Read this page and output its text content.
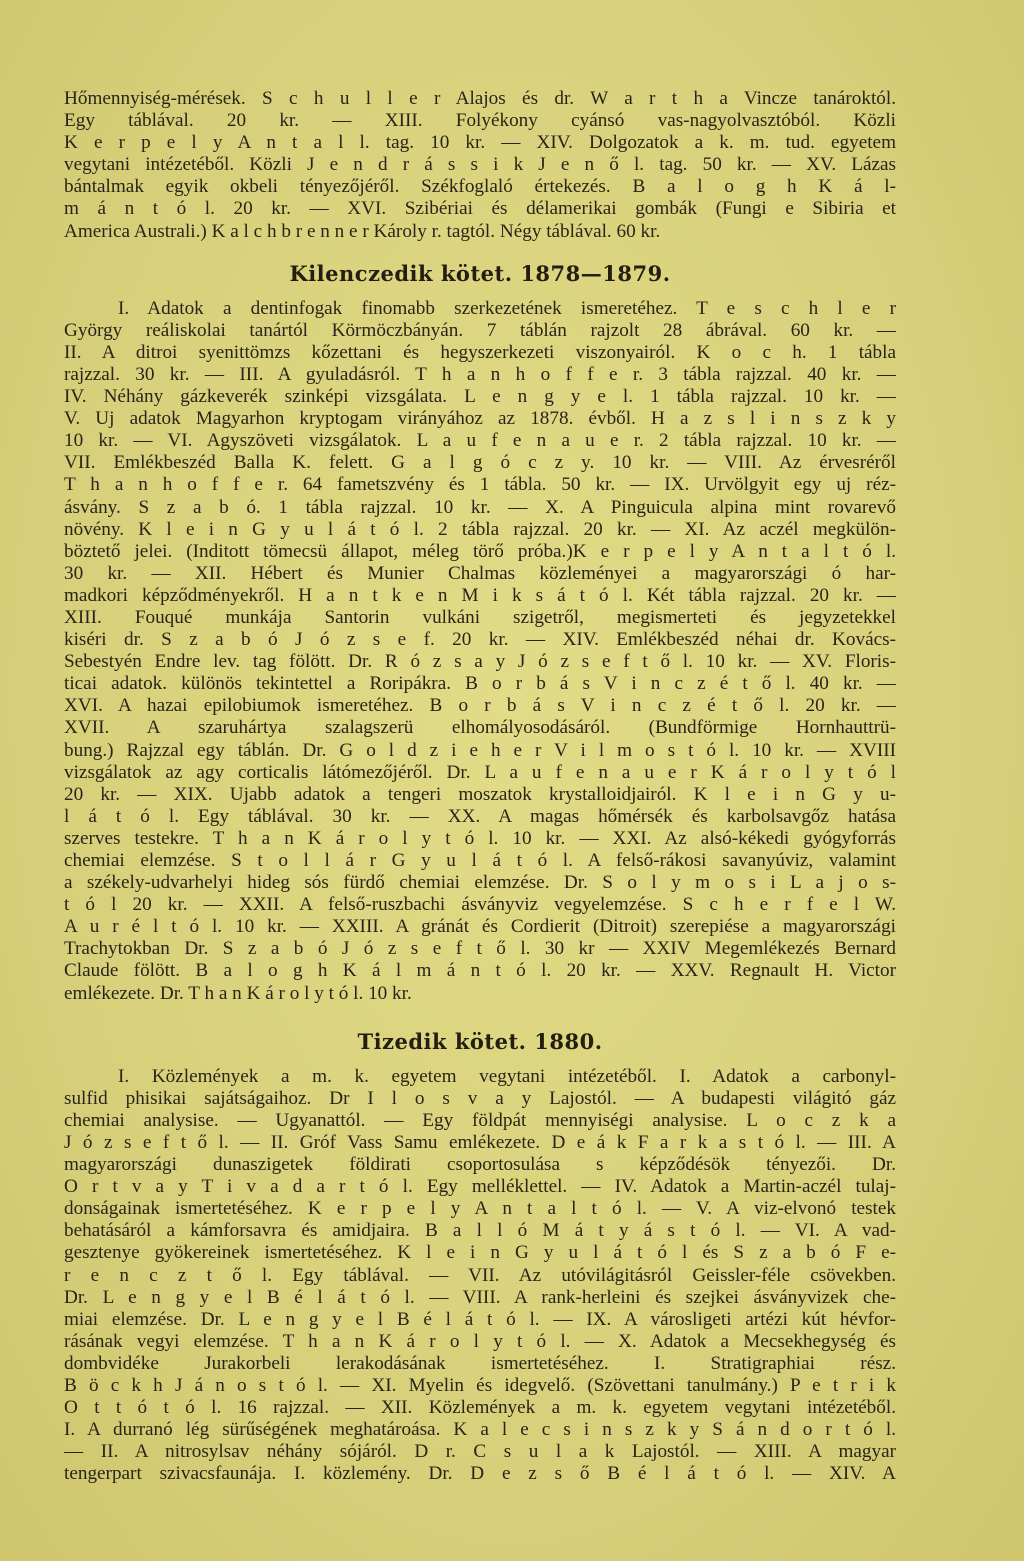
Hőmennyiség-mérések. S c h u l l e r Alajos és dr. W a r t h a Vincze tanároktól.
Egy táblával. 20 kr. — XIII. Folyékony cyánsó vas-nagyolvasztóból. Közli
K e r p e l y A n t a l l. tag. 10 kr. — XIV. Dolgozatok a k. m. tud. egyetem
vegytani intézetéből. Közli J e n d r á s s i k J e n ő l. tag. 50 kr. — XV. Lázas
bántalmak egyik okbeli tényezőjéről. Székfoglaló értekezés. B a l o g h K á l-
m á n t ó l. 20 kr. — XVI. Szibériai és délamerikai gombák (Fungi e Sibiria et
America Australi.) K a l c h b r e n n e r Károly r. tagtól. Négy táblával. 60 kr.
Kilenczedik kötet. 1878—1879.
I. Adatok a dentinfogak finomabb szerkezetének ismeretéhez. T e s c h l e r
György reáliskolai tanártól Körmöczbányán. 7 táblán rajzolt 28 ábrával. 60 kr. —
II. A ditroi syenittömzs kőzettani és hegyszerkezeti viszonyairól. K o c h. 1 tábla
rajzzal. 30 kr. — III. A gyuladásról. T h a n h o f f e r. 3 tábla rajzzal. 40 kr. —
IV. Néhány gázkeverék szinképi vizsgálata. L e n g y e l. 1 tábla rajzzal. 10 kr. —
V. Uj adatok Magyarhon kryptogam virányához az 1878. évből. H a z s l i n s z k y
10 kr. — VI. Agyszöveti vizsgálatok. L a u f e n a u e r. 2 tábla rajzzal. 10 kr. —
VII. Emlékbeszéd Balla K. felett. G a l g ó c z y. 10 kr. — VIII. Az érvesréről
T h a n h o f f e r. 64 fametszvény és 1 tábla. 50 kr. — IX. Urvölgyit egy uj réz-
ásvány. S z a b ó. 1 tábla rajzzal. 10 kr. — X. A Pinguicula alpina mint rovarevő
növény. K l e i n G y u l á t ó l. 2 tábla rajzzal. 20 kr. — XI. Az aczél megkülön-
böztető jelei. (Inditott tömecsü állapot, méleg törő próba.)K e r p e l y A n t a l t ó l.
30 kr. — XII. Hébert és Munier Chalmas közleményei a magyarországi ó har-
madkori képződményekről. H a n t k e n M i k s á t ó l. Két tábla rajzzal. 20 kr. —
XIII. Fouqué munkája Santorin vulkáni szigetről, megismerteti és jegyzetekkel
kiséri dr. S z a b ó J ó z s e f. 20 kr. — XIV. Emlékbeszéd néhai dr. Kovács-
Sebestyén Endre lev. tag fölött. Dr. R ó z s a y J ó z s e f t ő l. 10 kr. — XV. Floris-
ticai adatok. különös tekintettel a Roripákra. B o r b á s V i n c z é t ő l. 40 kr. —
XVI. A hazai epilobiumok ismeretéhez. B o r b á s V i n c z é t ő l. 20 kr. —
XVII. A szaruhártya szalagszerü elhomályosodásáról. (Bundförmige Hornhauttrü-
bung.) Rajzzal egy táblán. Dr. G o l d z i e h e r V i l m o s t ó l. 10 kr. — XVIII
vizsgálatok az agy corticalis látómezőjéről. Dr. L a u f e n a u e r K á r o l y t ó l
20 kr. — XIX. Ujabb adatok a tengeri moszatok krystalloidjairól. K l e i n G y u-
l á t ó l. Egy táblával. 30 kr. — XX. A magas hőmérsék és karbolsavgőz hatása
szerves testekre. T h a n K á r o l y t ó l. 10 kr. — XXI. Az alsó-kékedi gyógyforrás
chemiai elemzése. S t o l l á r G y u l á t ó l. A felső-rákosi savanyúviz, valamint
a székely-udvarhelyi hideg sós fürdő chemiai elemzése. Dr. S o l y m o s i L a j o s-
t ó l 20 kr. — XXII. A felső-ruszbachi ásványviz vegyelemzése. S c h e r f e l W.
A u r é l t ó l. 10 kr. — XXIII. A gránát és Cordierit (Ditroit) szerepiése a magyarországi
Trachytokban Dr. S z a b ó J ó z s e f t ő l. 30 kr — XXIV Megemlékezés Bernard
Claude fölött. B a l o g h K á l m á n t ó l. 20 kr. — XXV. Regnault H. Victor
emlékezete. Dr. T h a n K á r o l y t ó l. 10 kr.
Tizedik kötet. 1880.
I. Közlemények a m. k. egyetem vegytani intézetéből. I. Adatok a carbonyl-
sulfid phisikai sajátságaihoz. Dr I l o s v a y Lajostól. — A budapesti világitó gáz
chemiai analysise. — Ugyanattól. — Egy földpát mennyiségi analysise. L o c z k a
J ó z s e f t ő l. — II. Gróf Vass Samu emlékezete. D e á k F a r k a s t ó l. — III. A
magyarországi dunaszigetek földirati csoportosulása s képződésök tényezői. Dr.
O r t v a y T i v a d a r t ó l. Egy melléklettel. — IV. Adatok a Martin-aczél tulaj-
donságainak ismertetéséhez. K e r p e l y A n t a l t ó l. — V. A viz-elvonó testek
behatásáról a kámforsavra és amidjaira. B a l l ó M á t y á s t ó l. — VI. A vad-
gesztenye gyökereinek ismertetéséhez. K l e i n G y u l á t ó l és S z a b ó F e-
r e n c z t ő l. Egy táblával. — VII. Az utóvilágitásról Geissler-féle csövekben.
Dr. L e n g y e l B é l á t ó l. — VIII. A rank-herleini és szejkei ásványvizek che-
miai elemzése. Dr. L e n g y e l B é l á t ó l. — IX. A városligeti artézi kút hévfor-
rásának vegyi elemzése. T h a n K á r o l y t ó l. — X. Adatok a Mecsekhegység és
dombvidéke Jurakorbeli lerakodásának ismertetéséhez. I. Stratigraphiai rész.
B ö c k h J á n o s t ó l. — XI. Myelin és idegvelő. (Szövettani tanulmány.) P e t r i k
O t t ó t ó l. 16 rajzzal. — XII. Közlemények a m. k. egyetem vegytani intézetéből.
I. A durranó lég sürűségének meghatároása. K a l e c s i n s z k y S á n d o r t ó l.
— II. A nitrosylsav néhány sójáról. D r. C s u l a k Lajostól. — XIII. A magyar
tengerpart szivacsfaunája. I. közlemény. Dr. D e z s ő B é l á t ó l. — XIV. A
